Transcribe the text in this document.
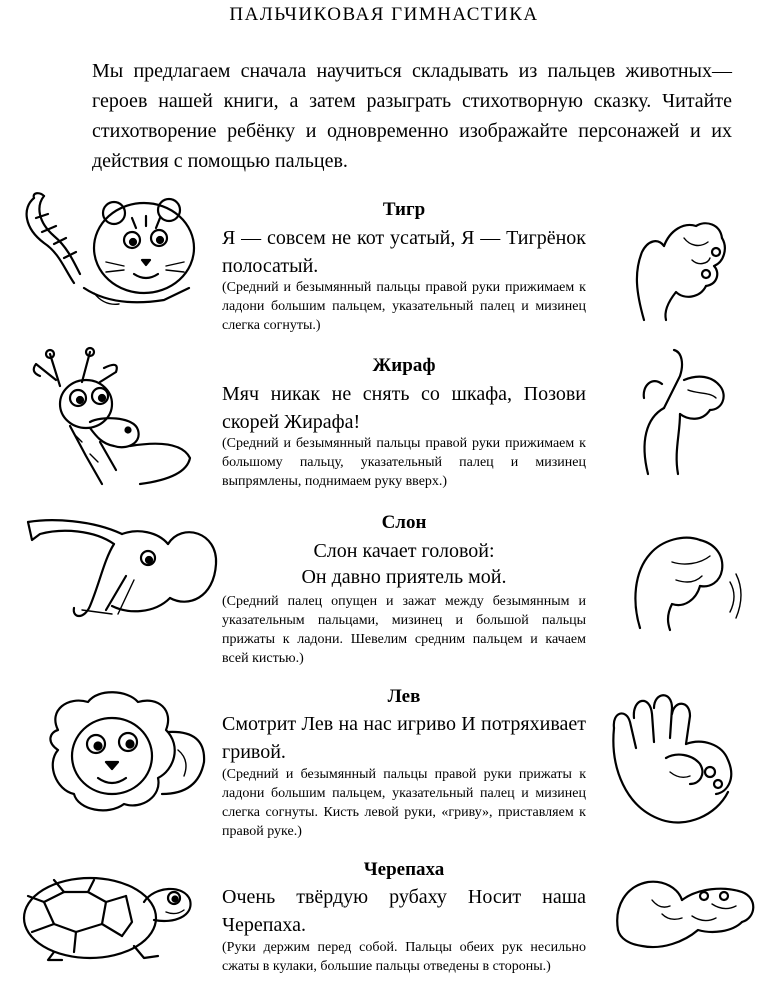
ПАЛЬЧИКОВАЯ ГИМНАСТИКА

Мы предлагаем сначала научиться складывать из пальцев животных— героев нашей книги, а затем разыграть стихотворную сказку. Читайте стихотворение ребёнку и одновременно изображайте персонажей и их действия с помощью пальцев.

Тигр
Я — совсем не кот усатый, Я — Тигрёнок полосатый.
(Средний и безымянный пальцы правой руки прижимаем к ладони большим пальцем, указательный палец и мизинец слегка согнуты.)
Жираф
Мяч никак не снять со шкафа, Позови скорей Жирафа!
(Средний и безымянный пальцы правой руки прижимаем к большому пальцу, указательный палец и мизинец выпрямлены, поднимаем руку вверх.)
Слон
Слон качает головой:
Он давно приятель мой.
(Средний палец опущен и зажат между безымянным и указательным пальцами, мизинец и большой пальцы прижаты к ладони. Шевелим средним пальцем и качаем всей кистью.)
Лев
Смотрит Лев на нас игриво И потряхивает гривой.
(Средний и безымянный пальцы правой руки прижаты к ладони большим пальцем, указательный палец и мизинец слегка согнуты. Кисть левой руки, «гриву», приставляем к правой руке.)
Черепаха
Очень твёрдую рубаху Носит наша Черепаха.
(Руки держим перед собой. Пальцы обеих рук несильно сжаты в кулаки, большие пальцы отведены в стороны.)
